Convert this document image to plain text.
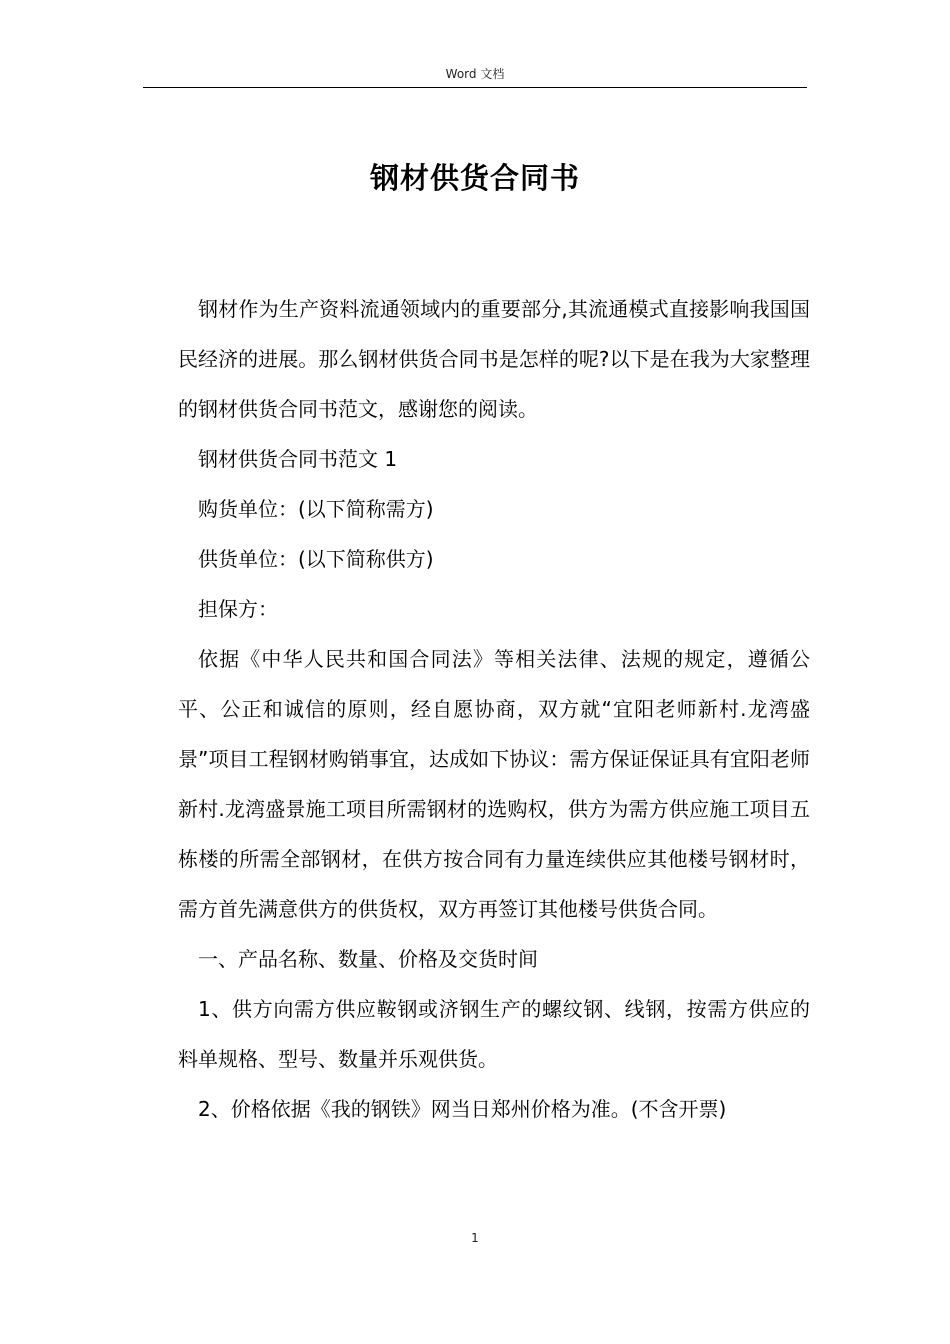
Word 文档
钢材供货合同书

钢材作为生产资料流通领域内的重要部分,其流通模式直接影响我国国民经济的进展。那么钢材供货合同书是怎样的呢?以下是在我为大家整理的钢材供货合同书范文，感谢您的阅读。

钢材供货合同书范文 1

购货单位：(以下简称需方)

供货单位：(以下简称供方)

担保方：

依据《中华人民共和国合同法》等相关法律、法规的规定，遵循公平、公正和诚信的原则，经自愿协商，双方就“宜阳老师新村.龙湾盛景”项目工程钢材购销事宜，达成如下协议：需方保证保证具有宜阳老师新村.龙湾盛景施工项目所需钢材的选购权，供方为需方供应施工项目五栋楼的所需全部钢材，在供方按合同有力量连续供应其他楼号钢材时，需方首先满意供方的供货权，双方再签订其他楼号供货合同。

一、产品名称、数量、价格及交货时间

1、供方向需方供应鞍钢或济钢生产的螺纹钢、线钢，按需方供应的料单规格、型号、数量并乐观供货。

2、价格依据《我的钢铁》网当日郑州价格为准。(不含开票)

1
